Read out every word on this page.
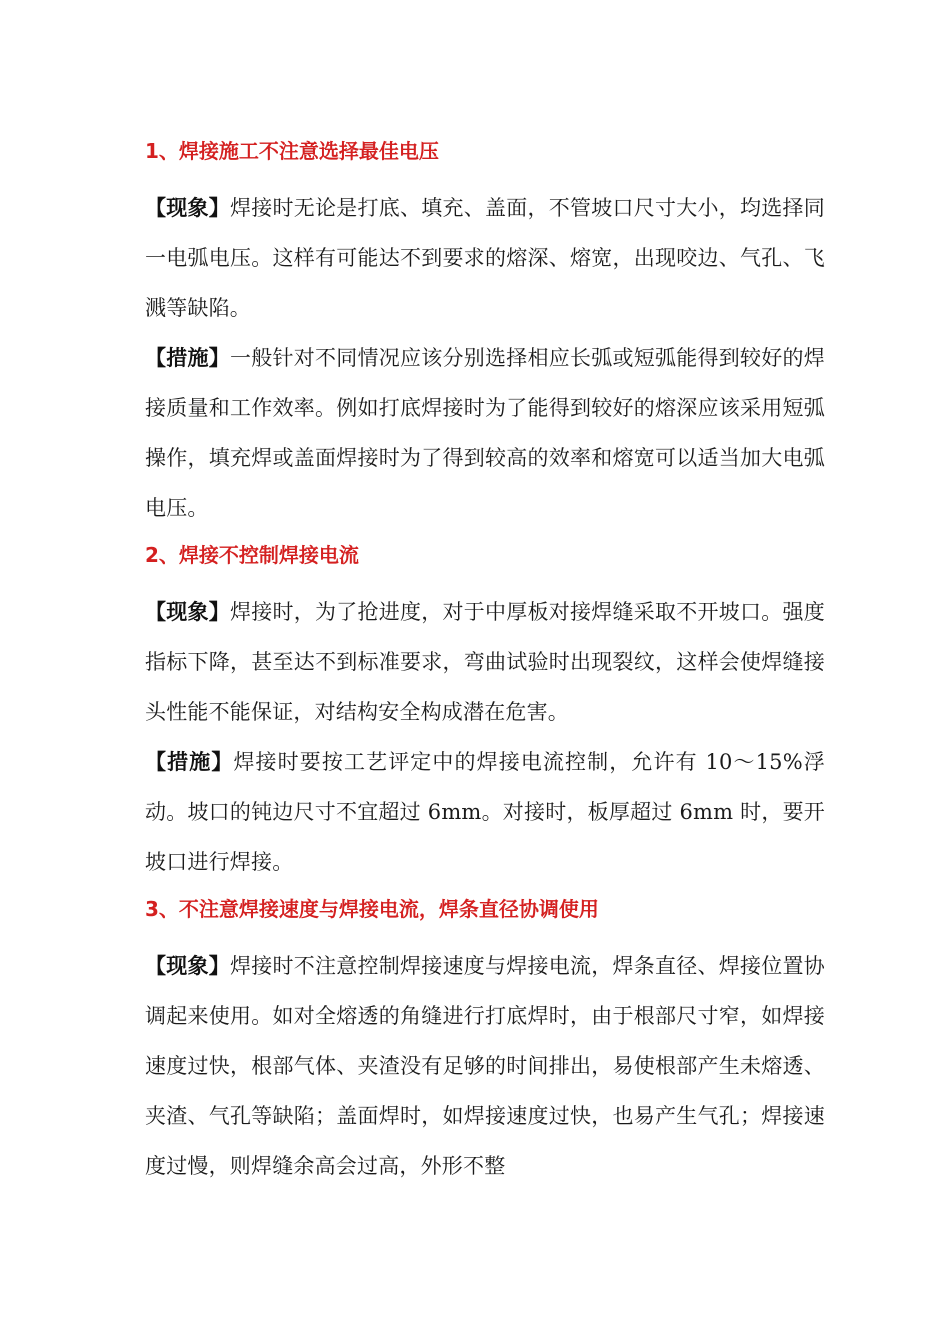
1、焊接施工不注意选择最佳电压

【现象】焊接时无论是打底、填充、盖面，不管坡口尺寸大小，均选择同一电弧电压。这样有可能达不到要求的熔深、熔宽，出现咬边、气孔、飞溅等缺陷。

【措施】一般针对不同情况应该分别选择相应长弧或短弧能得到较好的焊接质量和工作效率。例如打底焊接时为了能得到较好的熔深应该采用短弧操作，填充焊或盖面焊接时为了得到较高的效率和熔宽可以适当加大电弧电压。

2、焊接不控制焊接电流

【现象】焊接时，为了抢进度，对于中厚板对接焊缝采取不开坡口。强度指标下降，甚至达不到标准要求，弯曲试验时出现裂纹，这样会使焊缝接头性能不能保证，对结构安全构成潜在危害。

【措施】焊接时要按工艺评定中的焊接电流控制，允许有 10～15%浮动。坡口的钝边尺寸不宜超过 6mm。对接时，板厚超过 6mm 时，要开坡口进行焊接。

3、不注意焊接速度与焊接电流，焊条直径协调使用

【现象】焊接时不注意控制焊接速度与焊接电流，焊条直径、焊接位置协调起来使用。如对全熔透的角缝进行打底焊时，由于根部尺寸窄，如焊接速度过快，根部气体、夹渣没有足够的时间排出，易使根部产生未熔透、夹渣、气孔等缺陷；盖面焊时，如焊接速度过快，也易产生气孔；焊接速度过慢，则焊缝余高会过高，外形不整
